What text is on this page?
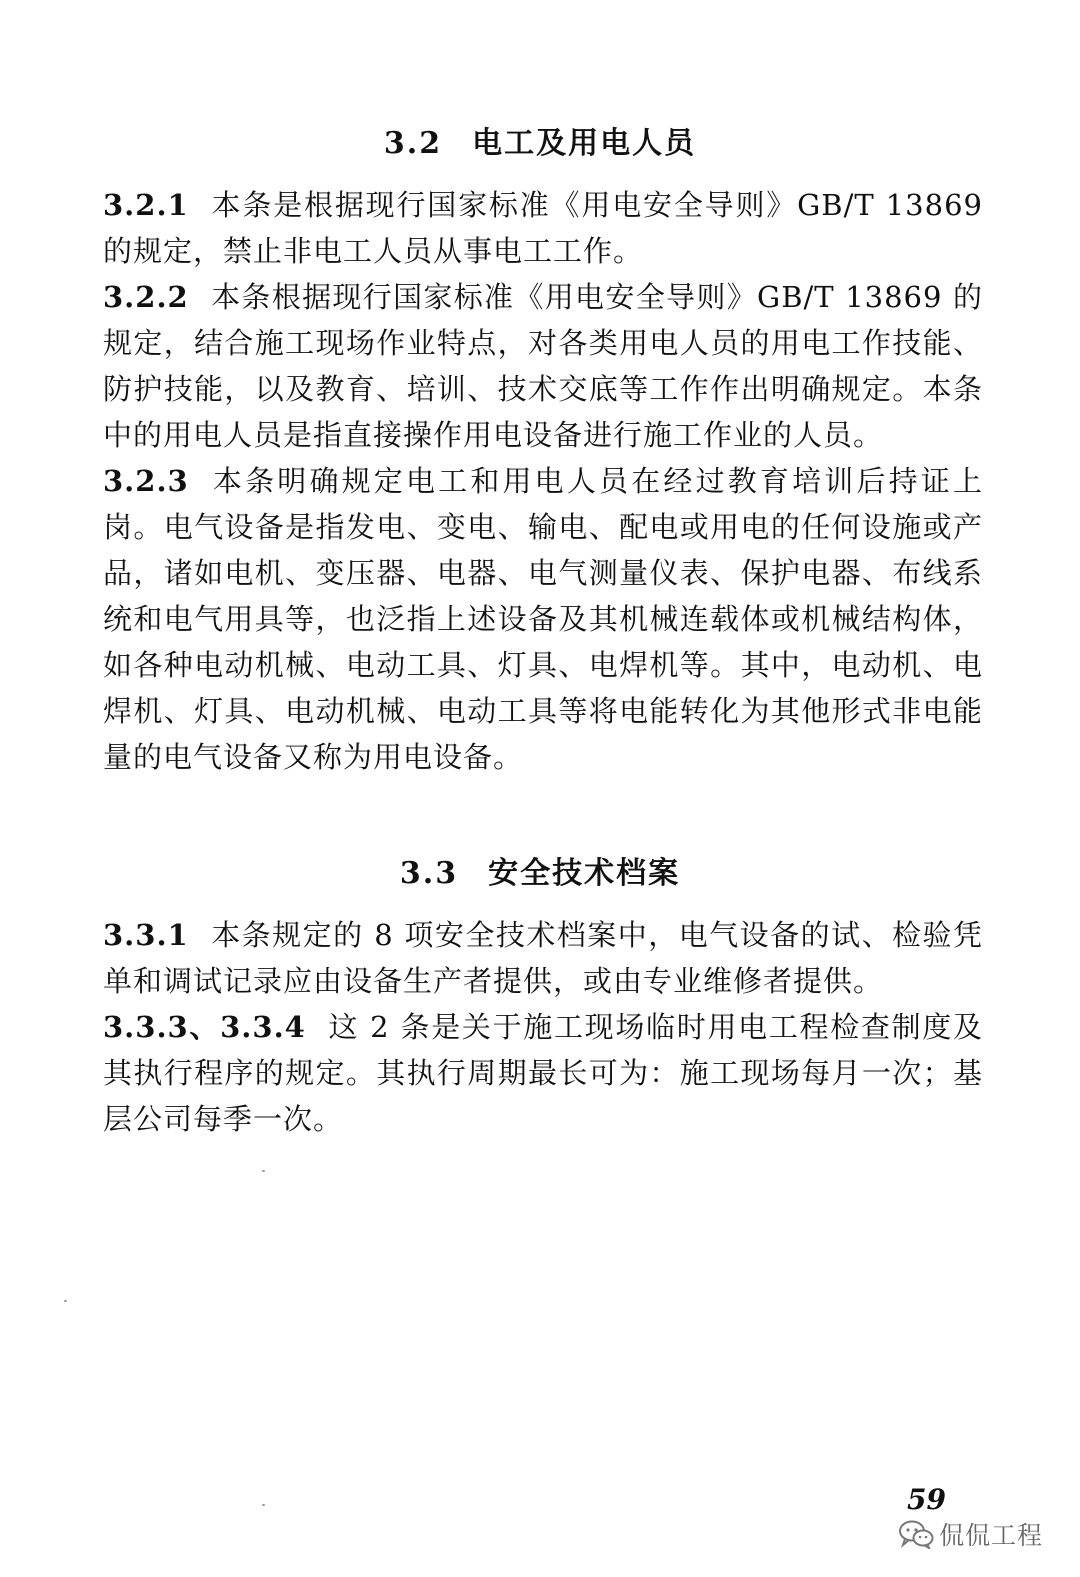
3.2 电工及用电人员

3.2.1 本条是根据现行国家标准《用电安全导则》GB/T 13869的规定，禁止非电工人员从事电工工作。

3.2.2 本条根据现行国家标准《用电安全导则》GB/T 13869 的规定，结合施工现场作业特点，对各类用电人员的用电工作技能、防护技能，以及教育、培训、技术交底等工作作出明确规定。本条中的用电人员是指直接操作用电设备进行施工作业的人员。

3.2.3 本条明确规定电工和用电人员在经过教育培训后持证上岗。电气设备是指发电、变电、输电、配电或用电的任何设施或产品，诸如电机、变压器、电器、电气测量仪表、保护电器、布线系统和电气用具等，也泛指上述设备及其机械连载体或机械结构体，如各种电动机械、电动工具、灯具、电焊机等。其中，电动机、电焊机、灯具、电动机械、电动工具等将电能转化为其他形式非电能量的电气设备又称为用电设备。

3.3 安全技术档案

3.3.1 本条规定的 8 项安全技术档案中，电气设备的试、检验凭单和调试记录应由设备生产者提供，或由专业维修者提供。

3.3.3、3.3.4 这 2 条是关于施工现场临时用电工程检查制度及其执行程序的规定。其执行周期最长可为：施工现场每月一次；基层公司每季一次。

59
侃侃工程
